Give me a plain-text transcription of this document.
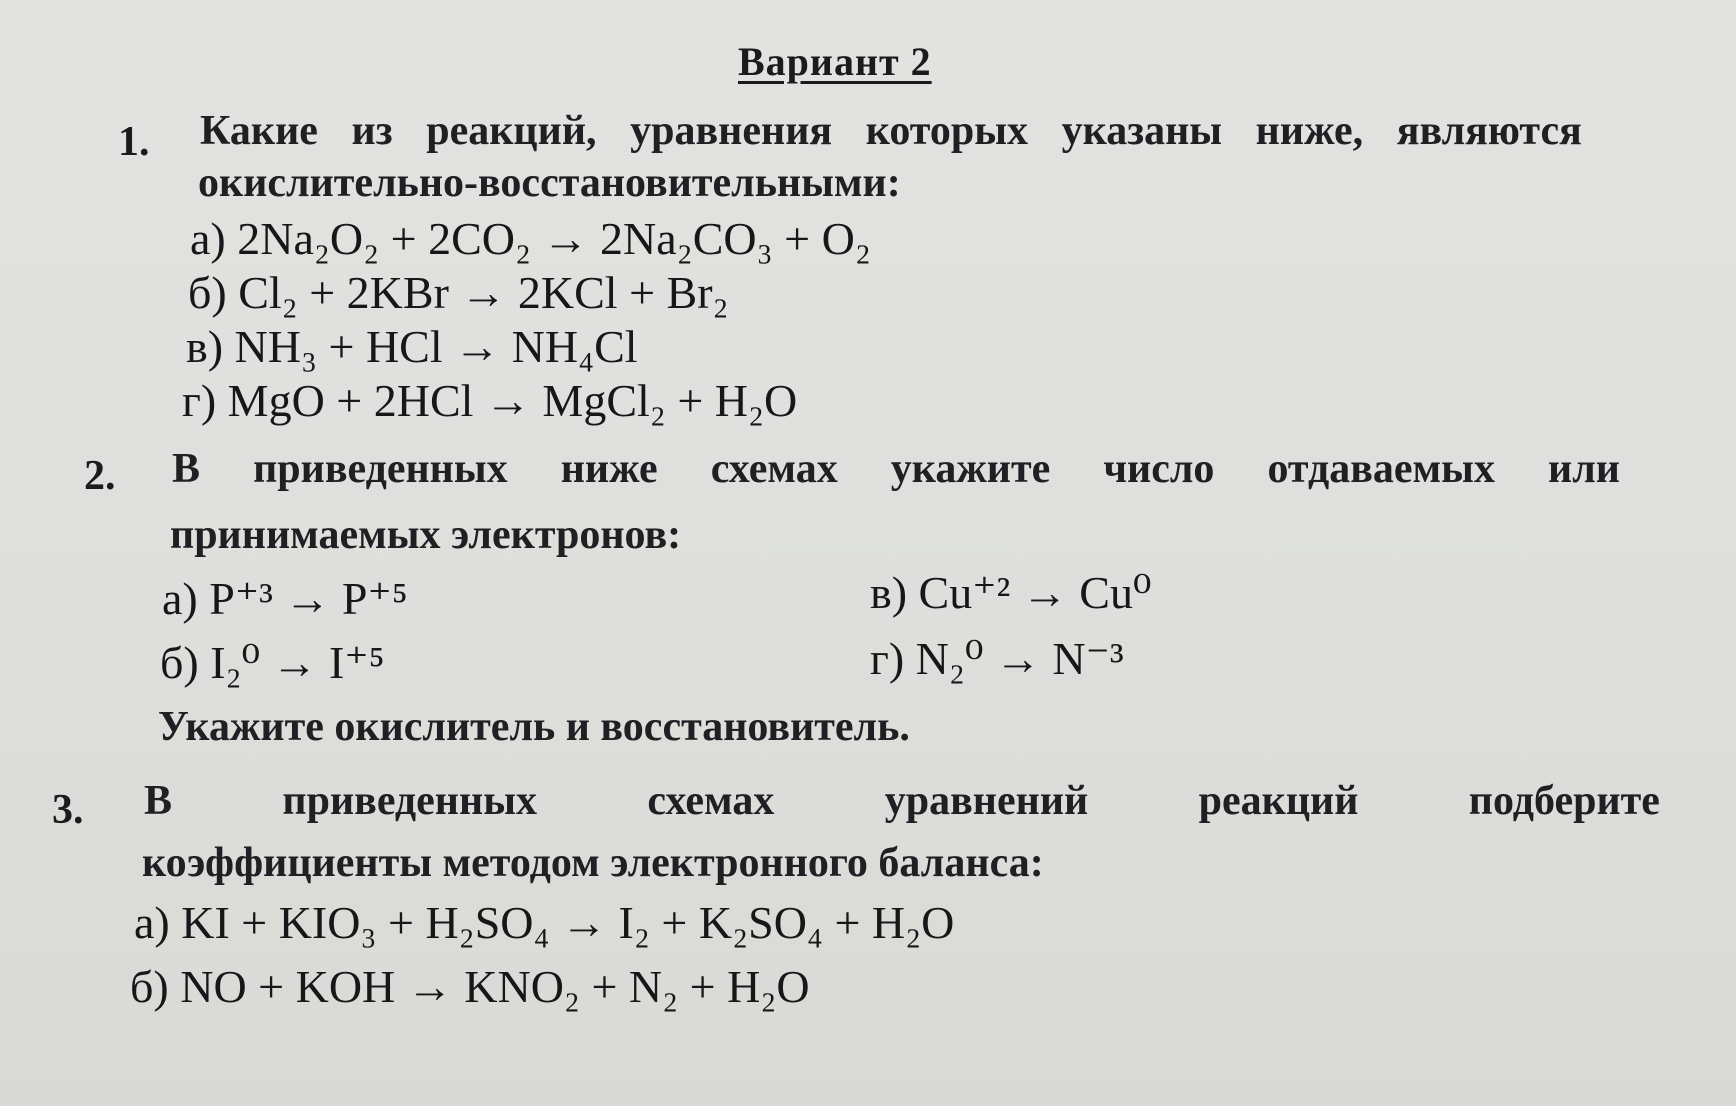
Вариант 2
1. Какие из реакций, уравнения которых указаны ниже, являются
окислительно-восстановительными:
а) 2Na₂O₂ + 2CO₂ → 2Na₂CO₃ + O₂
б) Cl₂ + 2KBr → 2KCl + Br₂
в) NH₃ + HCl → NH₄Cl
г) MgO + 2HCl → MgCl₂ + H₂O
2. В приведенных ниже схемах укажите число отдаваемых или
принимаемых электронов:
а) P⁺³ → P⁺⁵	в) Cu⁺² → Cu⁰
б) I₂⁰ → I⁺⁵	г) N₂⁰ → N⁻³
Укажите окислитель и восстановитель.
3. В	приведенных	схемах	уравнений	реакций	подберите
коэффициенты методом электронного баланса:
а) KI + KIO₃ + H₂SO₄ → I₂ + K₂SO₄ + H₂O
б) NO + KOH → KNO₂ + N₂ + H₂O
